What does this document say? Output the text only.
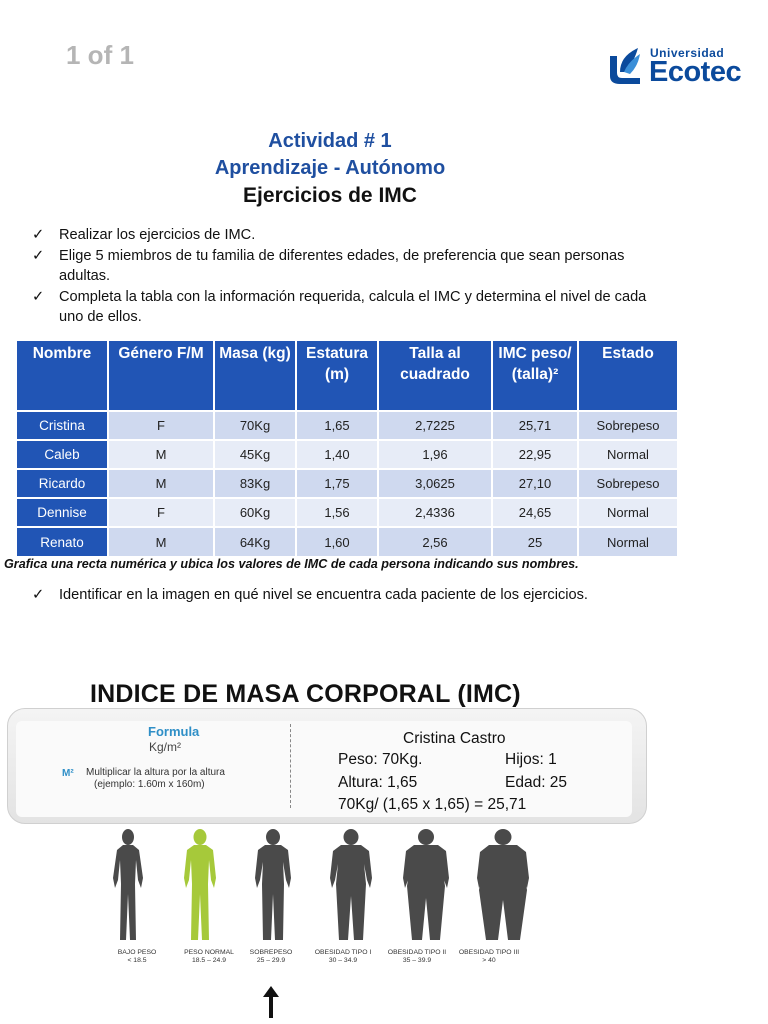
1 of 1	Universidad
Ecotec
Actividad # 1
Aprendizaje - Autónomo
Ejercicios de IMC
✓ Realizar los ejercicios de IMC.
✓ Elige 5 miembros de tu familia de diferentes edades, de preferencia que sean personas adultas.
✓ Completa la tabla con la información requerida, calcula el IMC y determina el nivel de cada uno de ellos.
Nombre	Género F/M	Masa (kg)	Estatura (m)	Talla al cuadrado	IMC peso/ (talla)²	Estado
Cristina	F	70Kg	1,65	2,7225	25,71	Sobrepeso
Caleb	M	45Kg	1,40	1,96	22,95	Normal
Ricardo	M	83Kg	1,75	3,0625	27,10	Sobrepeso
Dennise	F	60Kg	1,56	2,4336	24,65	Normal
Renato	M	64Kg	1,60	2,56	25	Normal
Grafica una recta numérica y ubica los valores de IMC de cada persona indicando sus nombres.
✓ Identificar en la imagen en qué nivel se encuentra cada paciente de los ejercicios.
INDICE DE MASA CORPORAL (IMC)
Formula
Kg/m²
M² Multiplicar la altura por la altura
(ejemplo: 1.60m x 160m)
Cristina Castro
Peso: 70Kg.	Hijos: 1
Altura: 1,65	Edad: 25
70Kg/ (1,65 x 1,65) = 25,71
BAJO PESO
< 18.5
PESO NORMAL
18.5 – 24.9
SOBREPESO
25 – 29.9
OBESIDAD TIPO I
30 – 34.9
OBESIDAD TIPO II
35 – 39.9
OBESIDAD TIPO III
> 40
